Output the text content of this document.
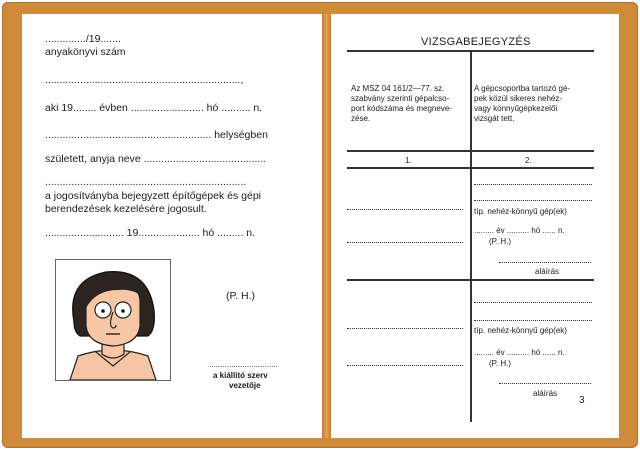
............../19.......
anyakönyvi szám
...................................................................,
aki 19........ évben ......................... hó .......... n.
......................................................... helységben
született, anyja neve ..........................................
.....................................................................
a jogosítványba bejegyzett építőgépek és gépi
berendezések kezelésére jogosult.
........................... 19..................... hó ......... n.
(P. H.)
...............................
a kiállító szerv
vezetője
VIZSGABEJEGYZÉS
Az MSZ 04 161/2—77. sz.
szabvány szerinti gépalcso-
port kódszáma és megneve-
zése.
A gépcsoportba tartozó gé-
pek közül sikeres nehéz-
vagy könnyűgépkezelői
vizsgát tett.
1.	2.
típ. nehéz-könnyű gép(ek)
......... év .......... hó ...... n.
(P. H.)
aláírás
típ. nehéz-könnyű gép(ek)
......... év .......... hó ...... n.
(P. H.)
aláírás
3
